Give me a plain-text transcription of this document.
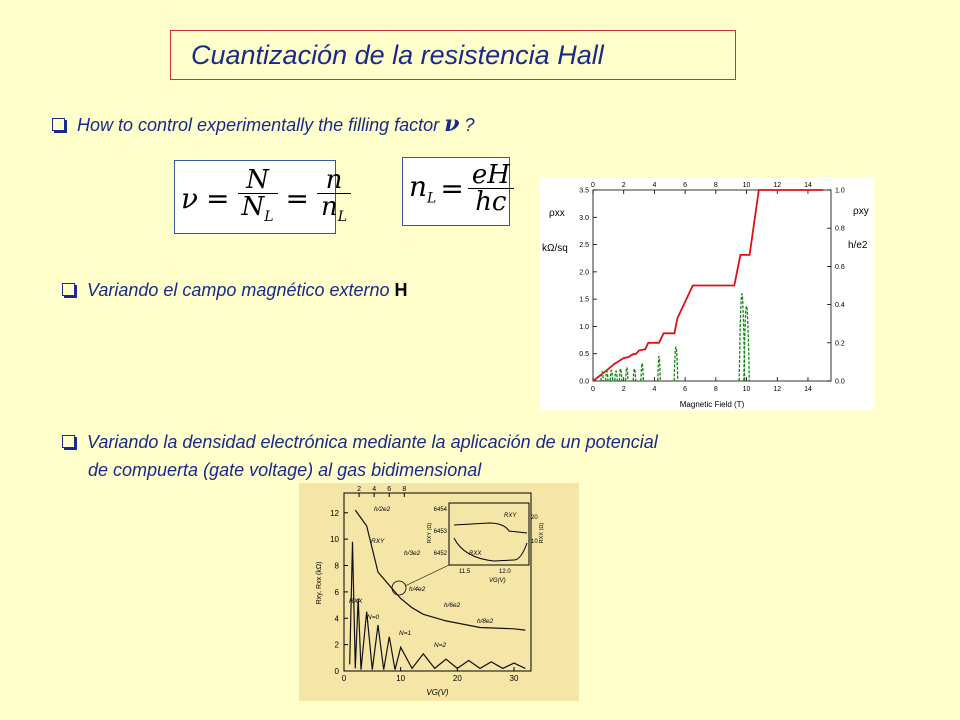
Cuantización de la resistencia Hall
How to control experimentally the filling factor ν ?
$\nu = \frac{N}{N_L} = \frac{n}{n_L} n_L = \frac{eH}{hc}$
Variando el campo magnético externo H
0	2	4	6	8	10	12	14
0	2	4	6	8	10	12	14
0.0
0.5
1.0
1.5
2.0
2.5
3.0
3.5
0.0
0.2
0.4
0.6
0.8
1.0
ρxx
kΩ/sq
ρxy
h/e2
Magnetic Field (T)
Variando la densidad electrónica mediante la aplicación de un potencial
de compuerta (gate voltage) al gas bidimensional
0	10	20	30
2 4 6 8
0
2
4
6
8
10
12
Rxy, Rxx (kΩ)
VG(V)
h/2e2
h/3e2
h/4e2
h/6e2
h/8e2
RXY
RXX
N=0
N=1
N=2
6454
6453
6452
20
10
11.5	12.0
VG(V)
RXY (Ω)	RXX (Ω)
RXY
RXX
